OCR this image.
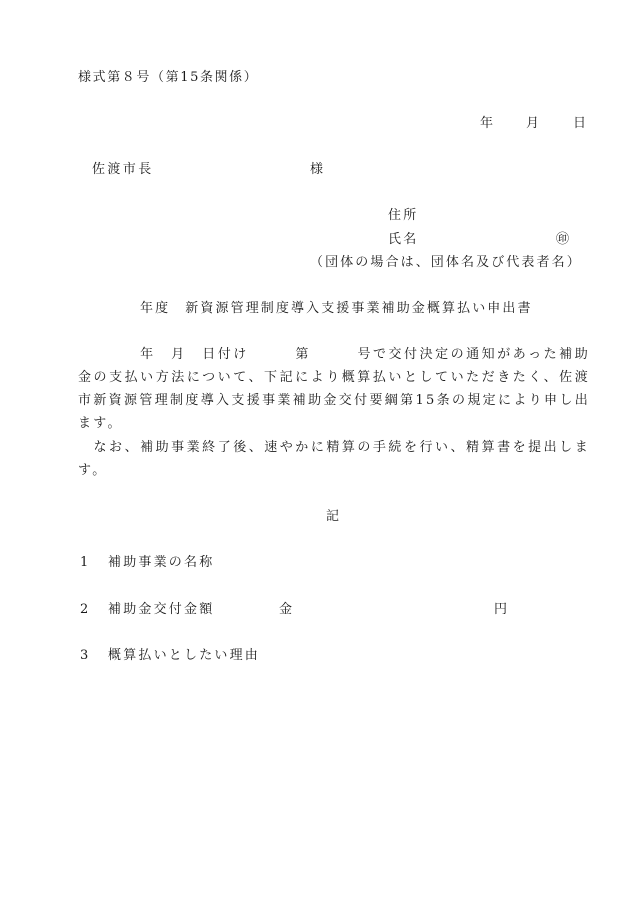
様式第８号（第15条関係）
年 月 日
佐渡市長	様
住所
氏名	㊞
（団体の場合は、団体名及び代表者名）
年度　新資源管理制度導入支援事業補助金概算払い申出書
　　　　年　月　日付け　　　第　　　号で交付決定の通知があった補助
金の支払い方法について、下記により概算払いとしていただきたく、佐渡
市新資源管理制度導入支援事業補助金交付要綱第15条の規定により申し出
ます。
　なお、補助事業終了後、速やかに精算の手続を行い、精算書を提出しま
す。
記
1 補助事業の名称
2 補助金交付金額	金	円
3 概算払いとしたい理由
